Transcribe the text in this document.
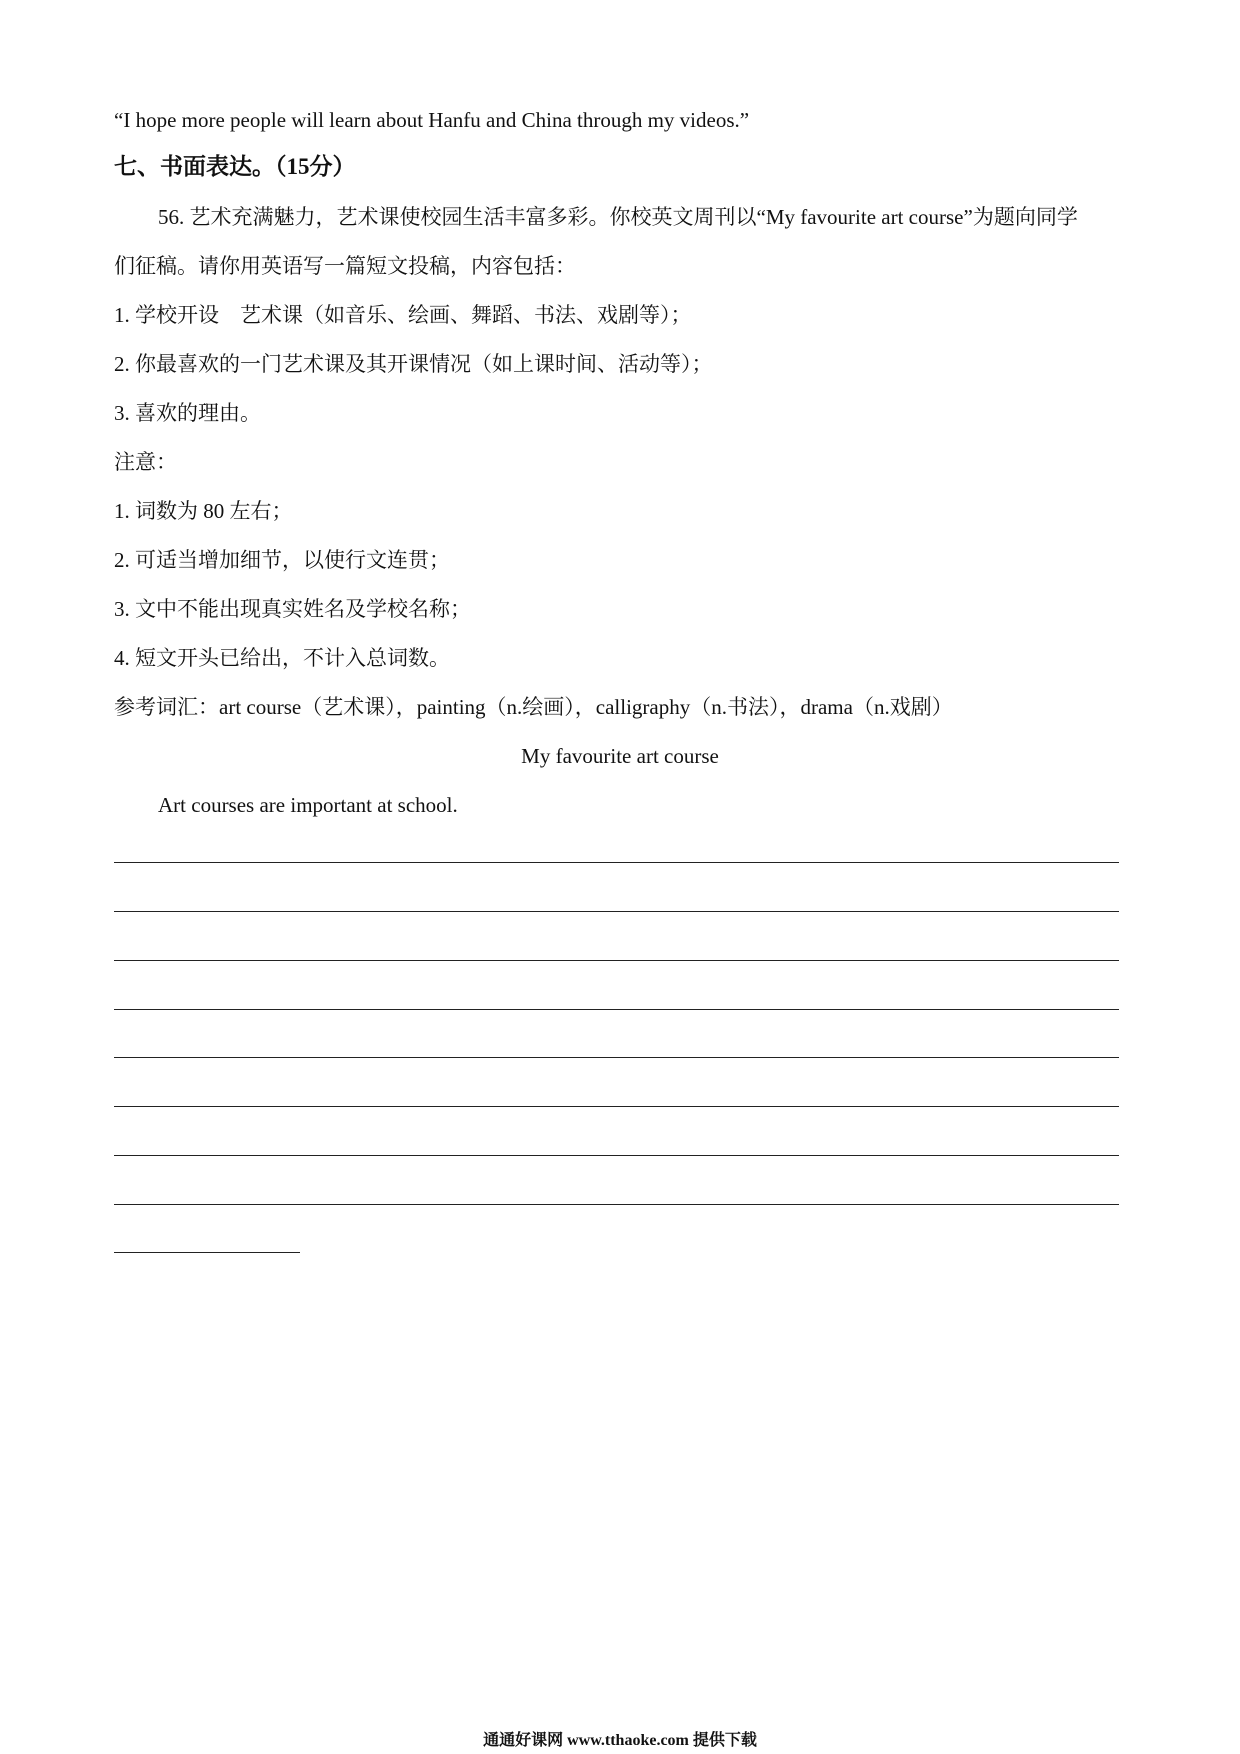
“I hope more people will learn about Hanfu and China through my videos.”
七、书面表达。（15分）
56. 艺术充满魅力，艺术课使校园生活丰富多彩。你校英文周刊以“My favourite art course”为题向同学
们征稿。请你用英语写一篇短文投稿，内容包括：
1. 学校开设　艺术课（如音乐、绘画、舞蹈、书法、戏剧等）；
2. 你最喜欢的一门艺术课及其开课情况（如上课时间、活动等）；
3. 喜欢的理由。
注意：
1. 词数为 80 左右；
2. 可适当增加细节，以使行文连贯；
3. 文中不能出现真实姓名及学校名称；
4. 短文开头已给出，不计入总词数。
参考词汇：art course（艺术课），painting（n.绘画），calligraphy（n.书法），drama（n.戏剧）
My favourite art course
Art courses are important at school.
通通好课网 www.tthaoke.com 提供下载
